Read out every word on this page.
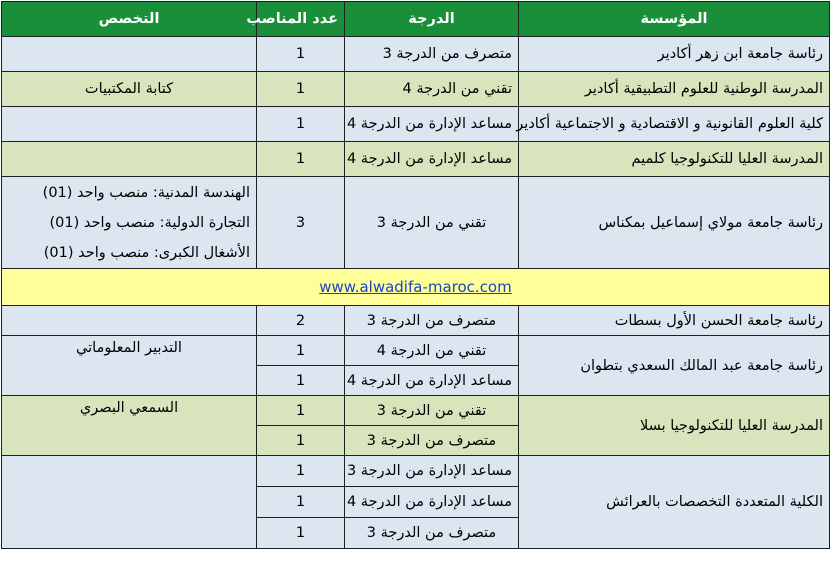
المؤسسة	الدرجة	عدد المناصب	التخصص
رئاسة جامعة ابن زهر أكادير	متصرف من الدرجة 3	1	
المدرسة الوطنية للعلوم التطبيقية أكادير	تقني من الدرجة 4	1	كتابة المكتبيات
كلية العلوم القانونية و الاقتصادية و الاجتماعية أكادير	مساعد الإدارة من الدرجة 4	1	
المدرسة العليا للتكنولوجيا كلميم	مساعد الإدارة من الدرجة 4	1	
رئاسة جامعة مولاي إسماعيل بمكناس	تقني من الدرجة 3	3	الهندسة المدنية: منصب واحد (01)
التجارة الدولية: منصب واحد (01)
الأشغال الكبرى: منصب واحد (01)

www.alwadifa-maroc.com			
رئاسة جامعة الحسن الأول بسطات	متصرف من الدرجة 3	2	
رئاسة جامعة عبد المالك السعدي بتطوان	تقني من الدرجة 4	1	التدبير المعلوماتي
	مساعد الإدارة من الدرجة 4	1	
المدرسة العليا للتكنولوجيا بسلا	تقني من الدرجة 3	1	السمعي البصري
	متصرف من الدرجة 3	1	
الكلية المتعددة التخصصات بالعرائش	مساعد الإدارة من الدرجة 3	1	
	مساعد الإدارة من الدرجة 4	1	
	متصرف من الدرجة 3	1	
